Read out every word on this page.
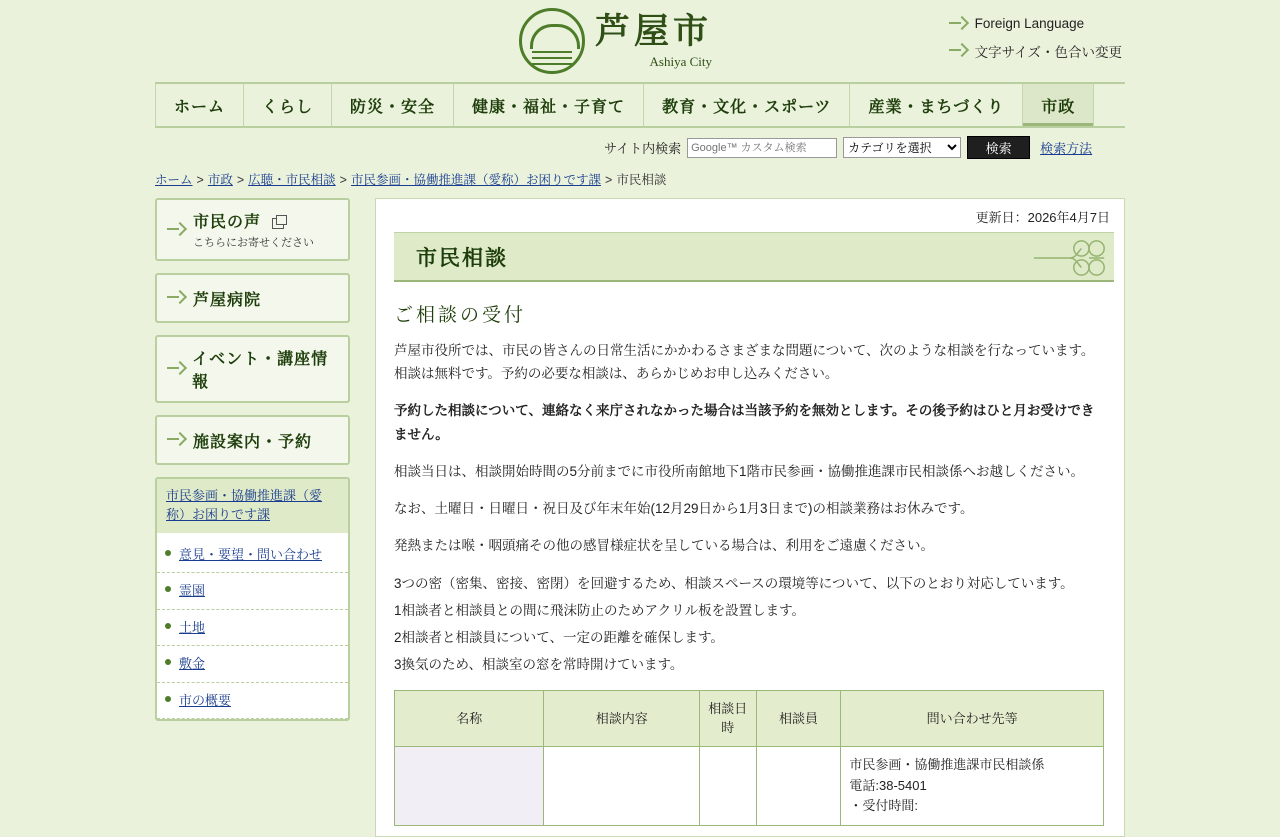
芦屋市
Ashiya City
Foreign Language
文字サイズ・色合い変更
ホーム	くらし	防災・安全	健康・福祉・子育て	教育・文化・スポーツ	産業・まちづくり	市政
サイト内検索
Google™ カスタム検索
カテゴリを選択	検索	検索方法
ホーム > 市政 > 広聴・市民相談 > 市民参画・協働推進課（愛称）お困りです課 > 市民相談
市民の声
こちらにお寄せください
芦屋病院
イベント・講座情報
施設案内・予約
市民参画・協働推進課（愛称）お困りです課
意見・要望・問い合わせ
霊園
土地
敷金
市の概要
更新日：2026年4月7日
市民相談
ご相談の受付

芦屋市役所では、市民の皆さんの日常生活にかかわるさまざまな問題について、次のような相談を行なっています。相談は無料です。予約の必要な相談は、あらかじめお申し込みください。

予約した相談について、連絡なく来庁されなかった場合は当該予約を無効とします。その後予約はひと月お受けできません。

相談当日は、相談開始時間の5分前までに市役所南館地下1階市民参画・協働推進課市民相談係へお越しください。

なお、土曜日・日曜日・祝日及び年末年始(12月29日から1月3日まで)の相談業務はお休みです。

発熱または喉・咽頭痛その他の感冒様症状を呈している場合は、利用をご遠慮ください。

3つの密（密集、密接、密閉）を回避するため、相談スペースの環境等について、以下のとおり対応しています。

1相談者と相談員との間に飛沫防止のためアクリル板を設置します。

2相談者と相談員について、一定の距離を確保します。

3換気のため、相談室の窓を常時開けています。

名称	相談内容	相談日時	相談員	問い合わせ先等
				市民参画・協働推進課市民相談係
電話:38-5401
・受付時間:
